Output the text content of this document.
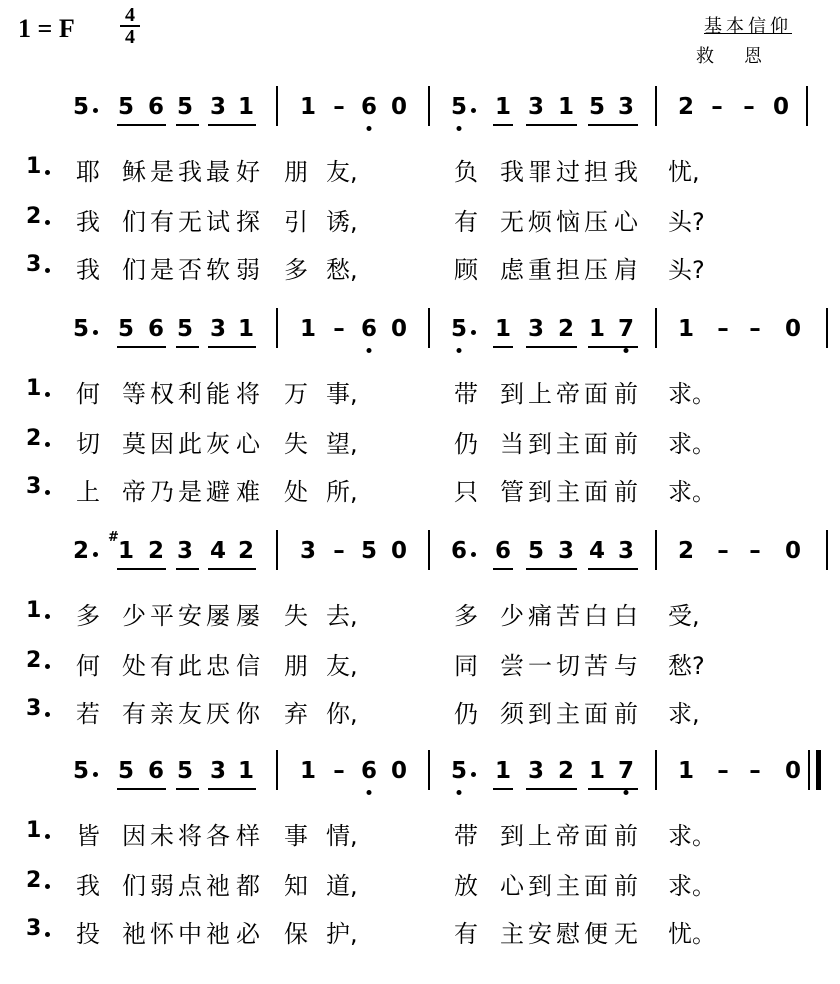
1 = F	4
4	基本信仰
救恩
5 5 6 5 3 1 1 – 6 0 5 1 3 1 5 3 2 – – 0
1 耶 稣 是 我 最 好 朋 友,	负 我 罪 过 担 我 忧,
2 我 们 有 无 试 探 引 诱,	有 无 烦 恼 压 心 头?
3 我 们 是 否 软 弱 多 愁,	顾 虑 重 担 压 肩 头?
5 5 6 5 3 1 1 – 6 0 5 1 3 2 1 7 1 – – 0
1 何 等 权 利 能 将 万 事,	带 到 上 帝 面 前 求。
2 切 莫 因 此 灰 心 失 望,	仍 当 到 主 面 前 求。
3 上 帝 乃 是 避 难 处 所,	只 管 到 主 面 前 求。
2 1
#
2 3 4 2 3 – 5 0 6 6 5 3 4 3 2 – – 0
1 多 少 平 安 屡 屡 失 去,	多 少 痛 苦 白 白 受,
2 何 处 有 此 忠 信 朋 友,	同 尝 一 切 苦 与 愁?
3 若 有 亲 友 厌 你 弃 你,	仍 须 到 主 面 前 求,
5 5 6 5 3 1 1 – 6 0 5 1 3 2 1 7 1 – – 0
1 皆 因 未 将 各 样 事 情,	带 到 上 帝 面 前 求。
2 我 们 弱 点 祂 都 知 道,	放 心 到 主 面 前 求。
3 投 祂 怀 中 祂 必 保 护,	有 主 安 慰 便 无 忧。
